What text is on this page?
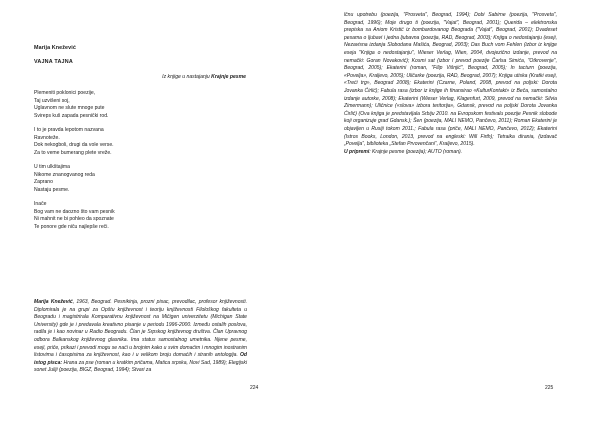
Marija Knežević
VAJNA TAJNA
Iz knjige u nastajanju Krajnje pesme
Plemeniti poklonici poezije,
Taj uzvišeni soj,
Uglavnom ne slute mnoge pute
Svireps kuš zapada pesnički rod.
I to je pravda lepotom nazvana
Ravnoteže.
Dok nekogboli, drugi da vole verse.
Za to veme bumerang plete vreže.
U tim ulkštajima
Nikome znanogvanog reda
Zaprano
Nastaju pesme.
Inače
Bog vam ne daozno što vam pesnik
Ni mahnit ne bi pohleo da spoznate
Te ponore gde niču najlepše reči.
Marija Knežević, 1963, Beograd. Pesnikinja, prozni pisac, prevodilac, profesor književnosti. Diplomirala je na grupi za Opštu književnost i teoriju književnosti Filološkog fakulteta u Beogradu i magistrirala Komparativnu književnost na Mičigen univerzitetu (Michigan State University) gde je i predavala kreativno pisanje u periodu 1996-2000. Između ostalih poslova, radila je i kao novinar u Radio Beogradu. Član je Srpskog književnog društva. Član Upravnog odbora Balkanskog književnog glasnika. Ima status samostalnog umetnika. Njene pesme, eseji, priče, prikazi i prevodi mogu se naći u brojnim kako u svim domaćim i mnogim inostranim listovima i časopisima za književnost, kao i u velikom broju domaćih i stranih antologija. Od istog pisca: Hrana za pse (roman u kratkim pričama, Matica srpska, Novi Sad, 1989); Elegijski sonet Juliji (poezija, BIGZ, Beograd, 1994); Stvari za
224
lčnu upotrebu (poezija, "Prosveta", Beograd, 1994); Dobi Sabirne (poezija, "Prosveta", Beograd, 1996); Moje drugo ti (poezija, "Vajat", Beograd, 2001); Querida – elektronska prepiska sa Aniom Kristić iz bombardovanog Beograda ("Vajat", Beograd, 2001); Dvadeset pesama o ljubavi i jedna ljubavna (poezija, RAD, Beograd, 2003); Knjiga o nedostajanju (eseji, Nezavisna izdanja Slobodana Mašića, Beograd, 2003); Das Buch vom Fehlen (izbor iz knjige eseja "Knjiga o nedostajanju", Wieser Verlag, Wien, 2004, dvojezično izdanje, prevod na nemački: Goran Novaković); Kosmi sat (izbor i prevod poezije Čarlsa Simića, "Otkrovenje", Beograd, 2005); Ekaterini (roman, "Filip Višnjić", Beograd, 2005); In tacturn (poezija, «Povelja», Kraljevo, 2005); Uličarke (poezija, RAD, Beograd, 2007); Knjiga utiska (Kratki eseji, «Treći trg», Beograd 2008); Ekaterini (Czarne, Poland, 2008, prevod na poljski: Dorota Jovanka Ćirlić); Fabula rasa (izbor iz knjige ih finansirao «KulturKontakt» iz Beča, samostalno izdanje autorke, 2008); Ekaterini (Wieser Verlag, Klagenfurt, 2009, prevod na nemački: Silvia Zimermann); Uličnice («slova» izbora teritorija», Gdansk, prevod na poljski Dorota Jovanka Ćirlić) (Ova knjiga je predstavljala Srbiju 2010. na Evropskom festivalu poezije Pesnik slobode koji organizuje grad Gdansk.); Šen (poezija, MALI NEMO, Pančevo, 2011); Roman Ekaterini je objavljen u Rusiji tokom 2011.; Fabula rasa (priče, MALI NEMO, Pančevo, 2012); Ekaterini (Istros Books, London, 2013, prevod na engleski: Will Firth); Tetraika dirania, (izdavač „Povelja“, biblioteka „Stefan Prvovenčani“, Kraljevo, 2015).
U pripremi: Krajnje pesme (poezija); AUTO (roman).
225
